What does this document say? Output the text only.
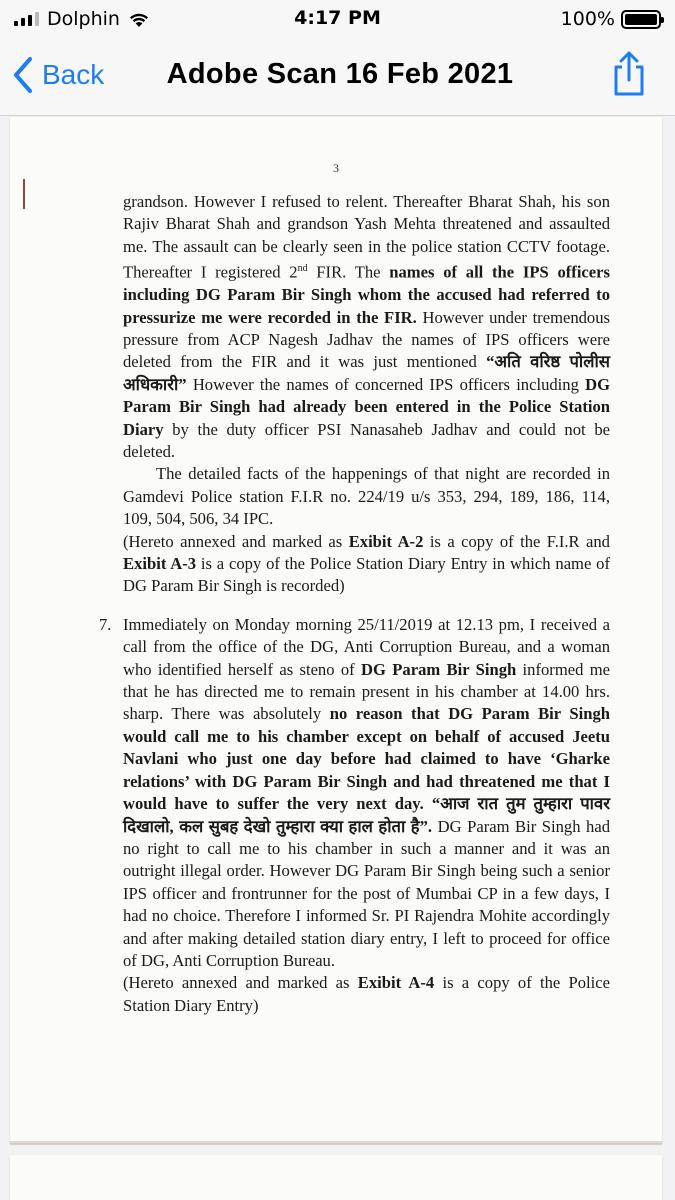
Dolphin	4:17 PM	100%
Back Adobe Scan 16 Feb 2021
3

grandson. However I refused to relent. Thereafter Bharat Shah, his son Rajiv Bharat Shah and grandson Yash Mehta threatened and assaulted me. The assault can be clearly seen in the police station CCTV footage. Thereafter I registered 2nd FIR. The names of all the IPS officers including DG Param Bir Singh whom the accused had referred to pressurize me were recorded in the FIR. However under tremendous pressure from ACP Nagesh Jadhav the names of IPS officers were deleted from the FIR and it was just mentioned “अति वरिष्ठ पोलीस अधिकारी” However the names of concerned IPS officers including DG Param Bir Singh had already been entered in the Police Station Diary by the duty officer PSI Nanasaheb Jadhav and could not be deleted.

The detailed facts of the happenings of that night are recorded in Gamdevi Police station F.I.R no. 224/19 u/s 353, 294, 189, 186, 114, 109, 504, 506, 34 IPC.

(Hereto annexed and marked as Exibit A-2 is a copy of the F.I.R and Exibit A-3 is a copy of the Police Station Diary Entry in which name of DG Param Bir Singh is recorded)

7. Immediately on Monday morning 25/11/2019 at 12.13 pm, I received a call from the office of the DG, Anti Corruption Bureau, and a woman who identified herself as steno of DG Param Bir Singh informed me that he has directed me to remain present in his chamber at 14.00 hrs. sharp. There was absolutely no reason that DG Param Bir Singh would call me to his chamber except on behalf of accused Jeetu Navlani who just one day before had claimed to have ‘Gharke relations’ with DG Param Bir Singh and had threatened me that I would have to suffer the very next day. “आज रात तुम तुम्हारा पावर दिखालो, कल सुबह देखो तुम्हारा क्या हाल होता है”. DG Param Bir Singh had no right to call me to his chamber in such a manner and it was an outright illegal order. However DG Param Bir Singh being such a senior IPS officer and frontrunner for the post of Mumbai CP in a few days, I had no choice. Therefore I informed Sr. PI Rajendra Mohite accordingly and after making detailed station diary entry, I left to proceed for office of DG, Anti Corruption Bureau.

(Hereto annexed and marked as Exibit A-4 is a copy of the Police Station Diary Entry)
